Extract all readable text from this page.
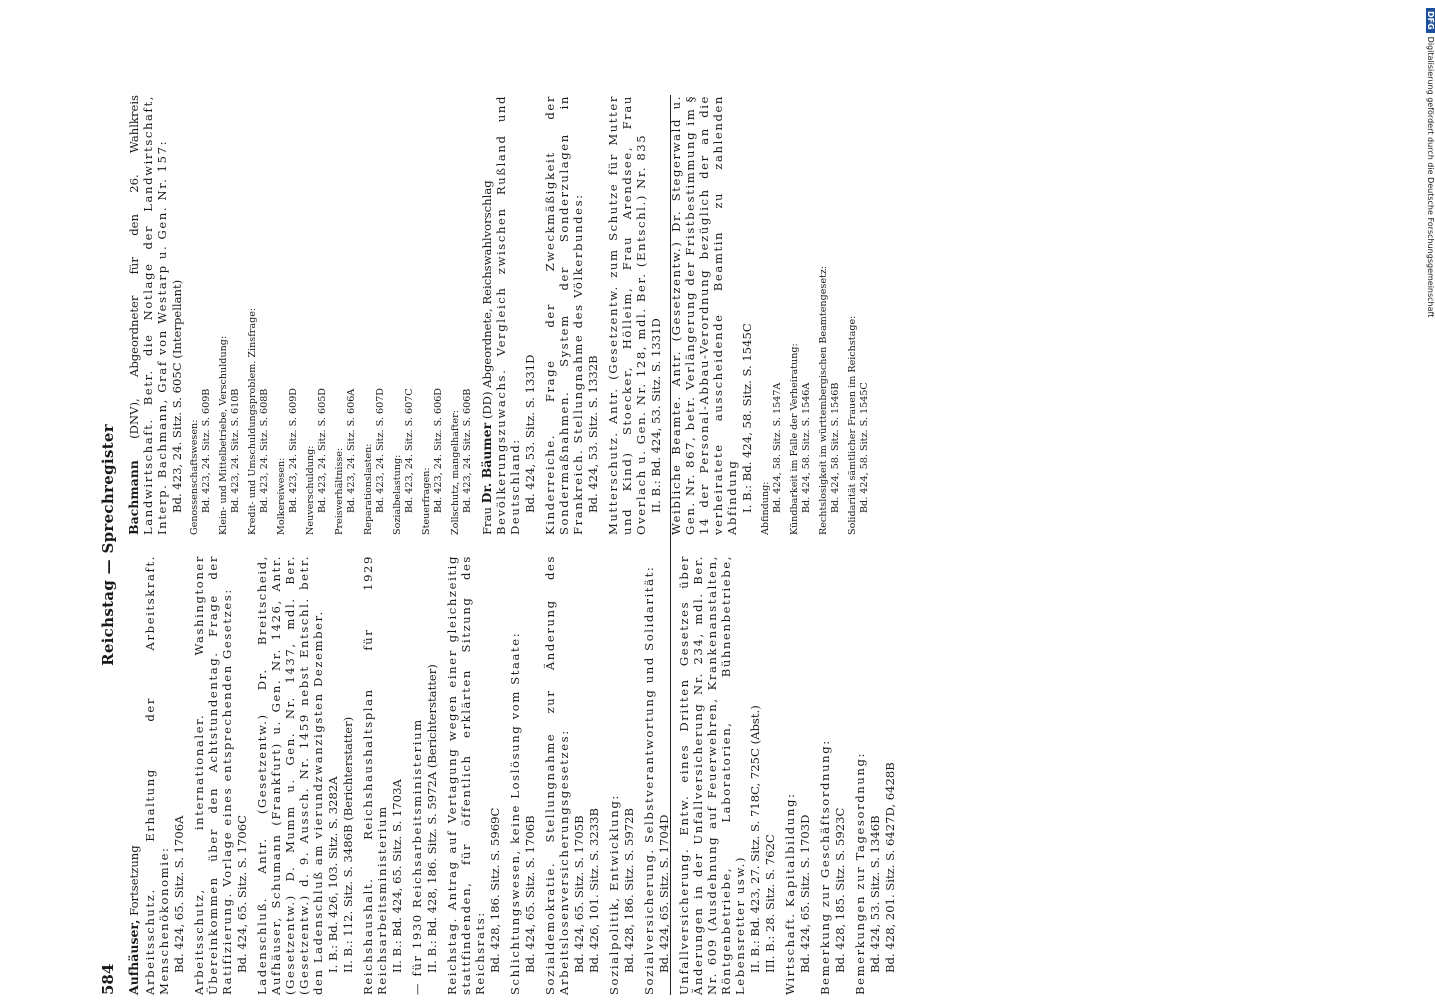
584
Reichstag — Sprechregister
Aufhäuser, Fortsetzung Arbeitsschutz. Erhaltung der Arbeitskraft. Menschenökonomie: Bd. 424, 65. Sitz. S. 1706A Arbeitsschutz, internationaler. Washingtoner Übereinkommen über den Achtstundentag. Frage der Ratifizierung. Vorlage eines entsprechenden Gesetzes: Bd. 424, 65. Sitz. S. 1706C Ladenschluß. Antr. (Gesetzentw.) Dr. Breitscheid, Aufhäuser, Schumann (Frankfurt) u. Gen. Nr. 1426, Antr. (Gesetzentw.) D. Mumm u. Gen. Nr. 1437, mdl. Ber. (Gesetzentw.) d. 9. Aussch. Nr. 1459 nebst Entschl. betr. den Ladenschluß am vierundzwanzigsten Dezember. I. B.: Bd. 426, 103. Sitz. S. 3282A II. B.: 112. Sitz. S. 3486B (Berichterstatter) Reichshaushalt. Reichshaushaltsplan für 1929 Reichsarbeitsministerium II. B.: Bd. 424, 65. Sitz. S. 1703A — für 1930 Reichsarbeitsministerium II. B.: Bd. 428, 186. Sitz. S. 5972A (Berichterstatter) Reichstag. Antrag auf Vertagung wegen einer gleichzeitig stattfindenden, für öffentlich erklärten Sitzung des Reichsrats: Bd. 428, 186. Sitz. S. 5969C Schlichtungswesen, keine Loslösung vom Staate: Bd. 424, 65. Sitz. S. 1706B Sozialdemokratie. Stellungnahme zur Änderung des Arbeitslosenversicherungsgesetzes: Bd. 424, 65. Sitz. S. 1705B Bd. 426, 101. Sitz. S. 3233B Sozialpolitik, Entwicklung: Bd. 428, 186. Sitz. S. 5972B Sozialversicherung. Selbstverantwortung und Solidarität: Bd. 424, 65. Sitz. S. 1704D Unfallversicherung. Entw. eines Dritten Gesetzes über Änderungen in der Unfallversicherung Nr. 234, mdl. Ber. Nr. 609 (Ausdehnung auf Feuerwehren, Krankenanstalten, Röntgenbetriebe, Laboratorien, Bühnenbetriebe, Lebensretter usw.) II. B.: Bd. 423, 27. Sitz. S. 718C, 725C (Abst.) III. B.: 28. Sitz. S. 762C Wirtschaft. Kapitalbildung: Bd. 424, 65. Sitz. S. 1703D Bemerkung zur Geschäftsordnung: Bd. 428, 185. Sitz. S. 5923C Bemerkungen zur Tagesordnung: Bd. 424, 53. Sitz. S. 1346B Bd. 428, 201. Sitz. S. 6427D, 6428B
Bachmann (DNV), Abgeordneter für den 26. Wahlkreis Landwirtschaft. Betr. die Notlage der Landwirtschaft, Interp. Bachmann, Graf von Westarp u. Gen. Nr. 157: Bd. 423, 24. Sitz. S. 605C (Interpellant) Genossenschaftswesen: Bd. 423, 24. Sitz. S. 609B Klein- und Mittelbetriebe, Verschuldung: Bd. 423, 24. Sitz. S. 610B Kredit- und Umschuldungsproblem. Zinsfrage: Bd. 423, 24. Sitz. S. 608B Molkereiwesen: Bd. 423, 24. Sitz. S. 609D Neuverschuldung: Bd. 423, 24. Sitz. S. 605D Preisverhältnisse: Bd. 423, 24. Sitz. S. 606A Reparationslasten: Bd. 423, 24. Sitz. S. 607D Sozialbelastung: Bd. 423, 24. Sitz. S. 607C Steuerfragen: Bd. 423, 24. Sitz. S. 606D Zollschutz, mangelhafter: Bd. 423, 24. Sitz. S. 606B
Frau Dr. Bäumer (DD) Abgeordnete, Reichswahlvorschlag Bevölkerungszuwachs. Vergleich zwischen Rußland und Deutschland: Bd. 424, 53. Sitz. S. 1331D Kinderreiche. Frage der Zweckmäßigkeit der Sondermaßnahmen. System der Sonderzulagen in Frankreich. Stellungnahme des Völkerbundes: Bd. 424, 53. Sitz. S. 1332B Mutterschutz. Antr. (Gesetzentw. zum Schutze für Mutter und Kind) Stoecker, Hölleim, Frau Arendsee, Frau Overlach u. Gen. Nr. 128, mdl. Ber. (Entschl.) Nr. 835 II. B.: Bd. 424, 53. Sitz. S. 1331D Weibliche Beamte. Antr. (Gesetzentw.) Dr. Stegerwald u. Gen. Nr. 867, betr. Verlängerung der Fristbestimmung im § 14 der Personal-Abbau-Verordnung bezüglich der an die verheiratete ausscheidende Beamtin zu zahlenden Abfindung I. B.: Bd. 424, 58. Sitz. S. 1545C Abfindung: Bd. 424, 58. Sitz. S. 1547A Kündbarkeit im Falle der Verheiratung: Bd. 424, 58. Sitz. S. 1546A Rechtslosigkeit im württembergischen Beamtengesetz: Bd. 424, 58. Sitz. S. 1546B Solidarität sämtlicher Frauen im Reichstage: Bd. 424, 58. Sitz. S. 1545C
DFGDigitalisierung gefördert durch die Deutsche Forschungsgemeinschaft
